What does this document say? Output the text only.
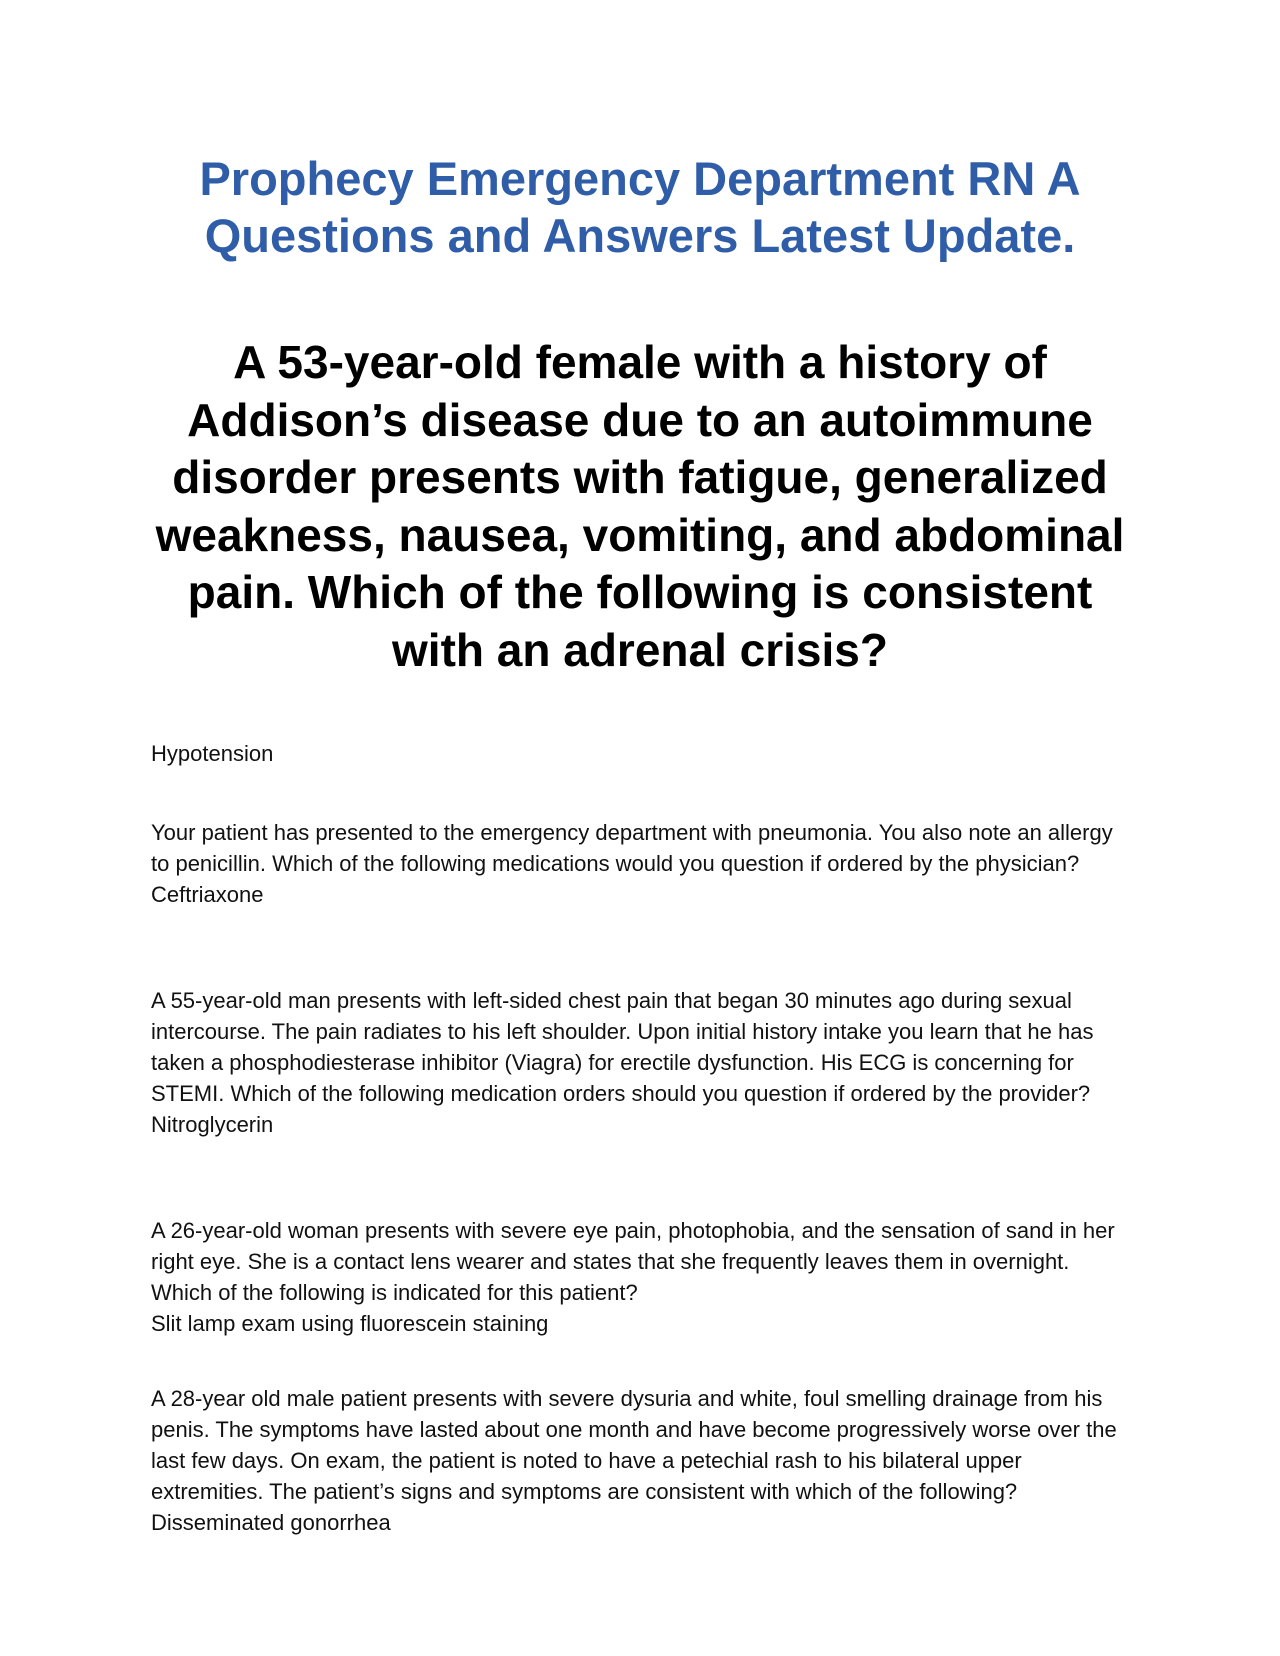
Prophecy Emergency Department RN A Questions and Answers Latest Update.
A 53-year-old female with a history of Addison’s disease due to an autoimmune disorder presents with fatigue, generalized weakness, nausea, vomiting, and abdominal pain. Which of the following is consistent with an adrenal crisis?

Hypotension

Your patient has presented to the emergency department with pneumonia. You also note an allergy to penicillin. Which of the following medications would you question if ordered by the physician?

Ceftriaxone

A 55-year-old man presents with left-sided chest pain that began 30 minutes ago during sexual intercourse. The pain radiates to his left shoulder. Upon initial history intake you learn that he has taken a phosphodiesterase inhibitor (Viagra) for erectile dysfunction. His ECG is concerning for STEMI. Which of the following medication orders should you question if ordered by the provider?

Nitroglycerin

A 26-year-old woman presents with severe eye pain, photophobia, and the sensation of sand in her right eye. She is a contact lens wearer and states that she frequently leaves them in overnight. Which of the following is indicated for this patient?

Slit lamp exam using fluorescein staining

A 28-year old male patient presents with severe dysuria and white, foul smelling drainage from his penis. The symptoms have lasted about one month and have become progressively worse over the last few days. On exam, the patient is noted to have a petechial rash to his bilateral upper extremities. The patient’s signs and symptoms are consistent with which of the following?

Disseminated gonorrhea
